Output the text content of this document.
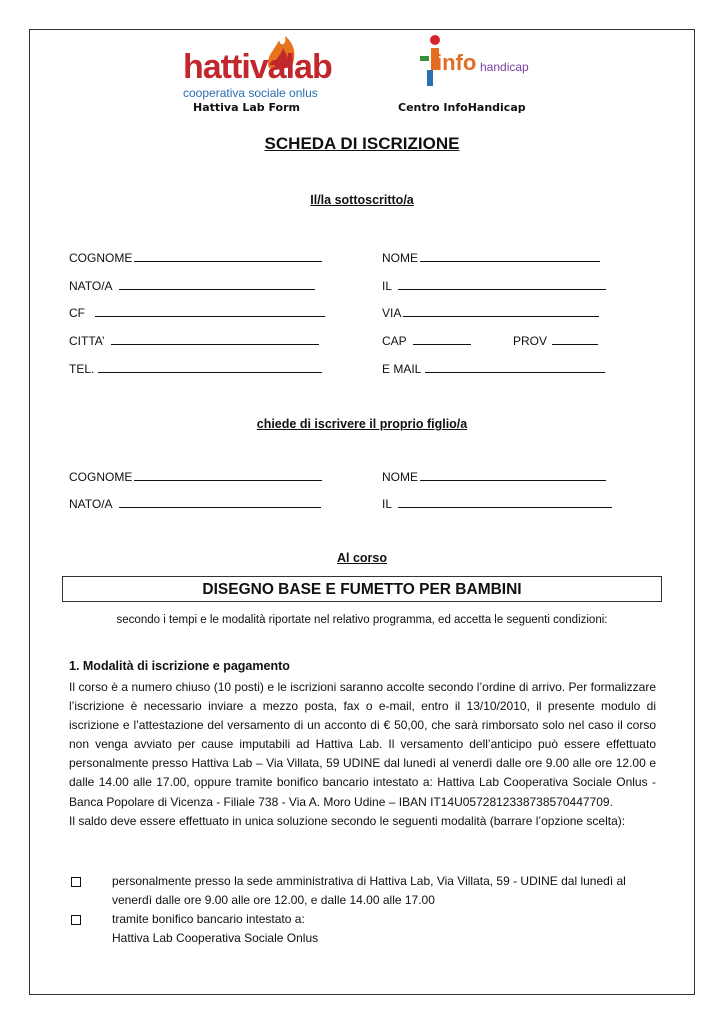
hattivalab
cooperativa sociale onlus
Hattiva Lab Form
info handicap
Centro InfoHandicap
SCHEDA DI ISCRIZIONE
Il/la sottoscritto/a
COGNOME	NOME
NATO/A	IL
CF	VIA
CITTA’	CAP	PROV
TEL.	E MAIL
chiede di iscrivere il proprio figlio/a
COGNOME	NOME
NATO/A	IL
Al corso
DISEGNO BASE E FUMETTO PER BAMBINI
secondo i tempi e le modalità riportate nel relativo programma, ed accetta le seguenti condizioni:
1. Modalità di iscrizione e pagamento

Il corso è a numero chiuso (10 posti) e le iscrizioni saranno accolte secondo l’ordine di arrivo. Per formalizzare l’iscrizione è necessario inviare a mezzo posta, fax o e-mail, entro il 13/10/2010, il presente modulo di iscrizione e l’attestazione del versamento di un acconto di € 50,00, che sarà rimborsato solo nel caso il corso non venga avviato per cause imputabili ad Hattiva Lab. Il versamento dell’anticipo può essere effettuato personalmente presso Hattiva Lab – Via Villata, 59 UDINE dal lunedì al venerdì dalle ore 9.00 alle ore 12.00 e dalle 14.00 alle 17.00, oppure tramite bonifico bancario intestato a: Hattiva Lab Cooperativa Sociale Onlus - Banca Popolare di Vicenza - Filiale 738 - Via A. Moro Udine – IBAN IT14U0572812338738570447709.

Il saldo deve essere effettuato in unica soluzione secondo le seguenti modalità (barrare l’opzione scelta):

personalmente presso la sede amministrativa di Hattiva Lab, Via Villata, 59 - UDINE dal lunedì al
venerdì dalle ore 9.00 alle ore 12.00, e dalle 14.00 alle 17.00
tramite bonifico bancario intestato a:
Hattiva Lab Cooperativa Sociale Onlus
